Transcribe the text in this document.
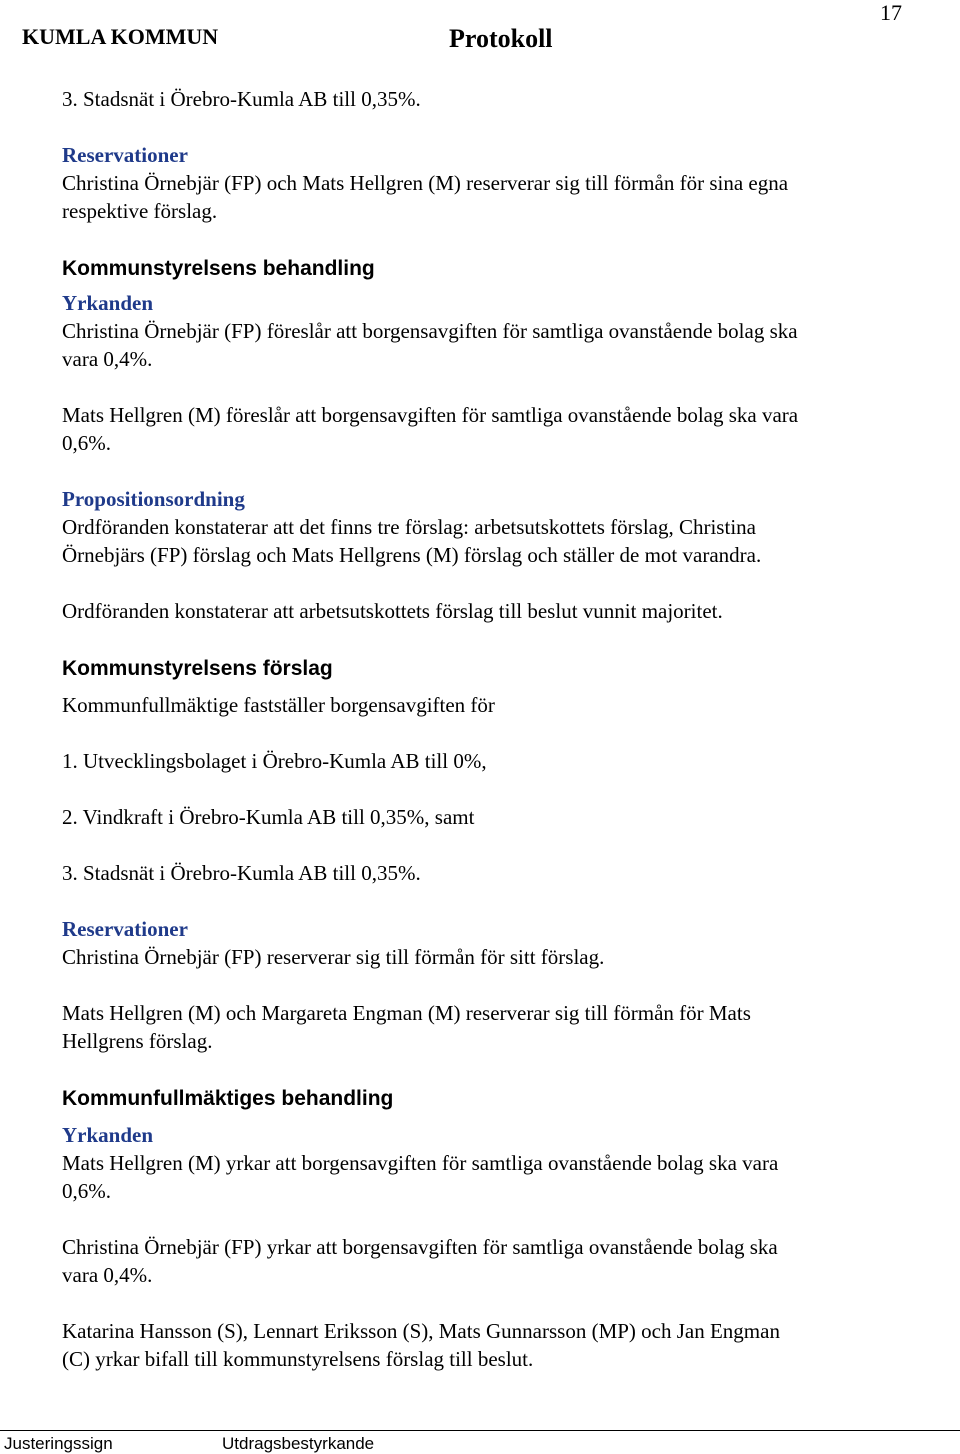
KUMLA KOMMUN	Protokoll
17
3. Stadsnät i Örebro-Kumla AB till 0,35%.
Reservationer
Christina Örnebjär (FP) och Mats Hellgren (M) reserverar sig till förmån för sina egna
respektive förslag.
Kommunstyrelsens behandling
Yrkanden
Christina Örnebjär (FP) föreslår att borgensavgiften för samtliga ovanstående bolag ska
vara 0,4%.
Mats Hellgren (M) föreslår att borgensavgiften för samtliga ovanstående bolag ska vara
0,6%.
Propositionsordning
Ordföranden konstaterar att det finns tre förslag: arbetsutskottets förslag, Christina
Örnebjärs (FP) förslag och Mats Hellgrens (M) förslag och ställer de mot varandra.
Ordföranden konstaterar att arbetsutskottets förslag till beslut vunnit majoritet.
Kommunstyrelsens förslag
Kommunfullmäktige fastställer borgensavgiften för
1. Utvecklingsbolaget i Örebro-Kumla AB till 0%,
2. Vindkraft i Örebro-Kumla AB till 0,35%, samt
3. Stadsnät i Örebro-Kumla AB till 0,35%.
Reservationer
Christina Örnebjär (FP) reserverar sig till förmån för sitt förslag.
Mats Hellgren (M) och Margareta Engman (M) reserverar sig till förmån för Mats
Hellgrens förslag.
Kommunfullmäktiges behandling
Yrkanden
Mats Hellgren (M) yrkar att borgensavgiften för samtliga ovanstående bolag ska vara
0,6%.
Christina Örnebjär (FP) yrkar att borgensavgiften för samtliga ovanstående bolag ska
vara 0,4%.
Katarina Hansson (S), Lennart Eriksson (S), Mats Gunnarsson (MP) och Jan Engman
(C) yrkar bifall till kommunstyrelsens förslag till beslut.
Justeringssign	Utdragsbestyrkande
